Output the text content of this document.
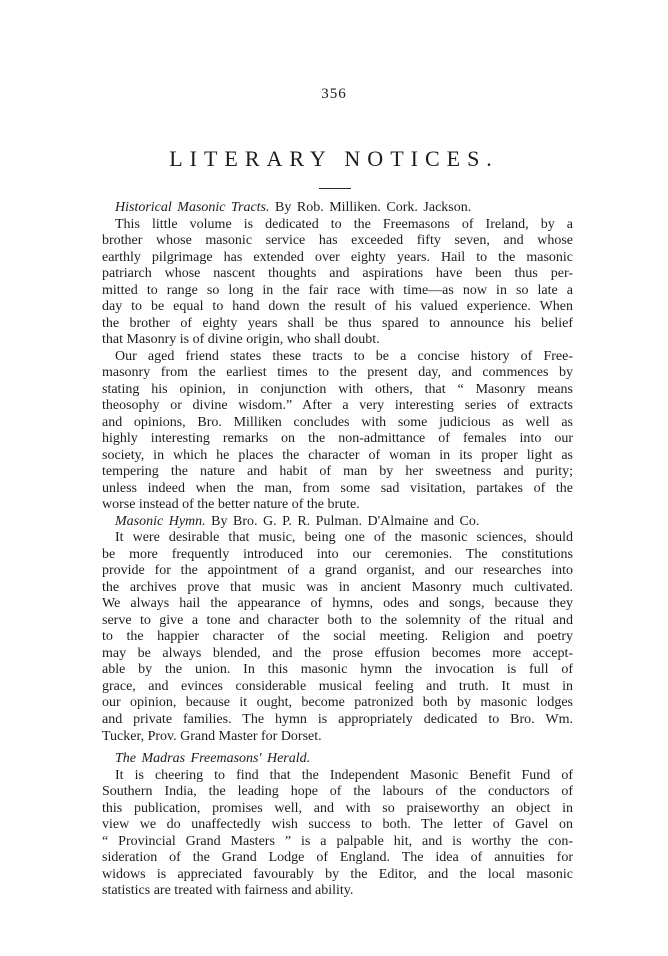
356
LITERARY NOTICES.
Historical Masonic Tracts. By Rob. Milliken. Cork. Jackson.
This little volume is dedicated to the Freemasons of Ireland, by a
brother whose masonic service has exceeded fifty seven, and whose
earthly pilgrimage has extended over eighty years. Hail to the masonic
patriarch whose nascent thoughts and aspirations have been thus per-
mitted to range so long in the fair race with time—as now in so late a
day to be equal to hand down the result of his valued experience. When
the brother of eighty years shall be thus spared to announce his belief
that Masonry is of divine origin, who shall doubt.
Our aged friend states these tracts to be a concise history of Free-
masonry from the earliest times to the present day, and commences by
stating his opinion, in conjunction with others, that “ Masonry means
theosophy or divine wisdom.” After a very interesting series of extracts
and opinions, Bro. Milliken concludes with some judicious as well as
highly interesting remarks on the non-admittance of females into our
society, in which he places the character of woman in its proper light as
tempering the nature and habit of man by her sweetness and purity;
unless indeed when the man, from some sad visitation, partakes of the
worse instead of the better nature of the brute.
Masonic Hymn. By Bro. G. P. R. Pulman. D'Almaine and Co.
It were desirable that music, being one of the masonic sciences, should
be more frequently introduced into our ceremonies. The constitutions
provide for the appointment of a grand organist, and our researches into
the archives prove that music was in ancient Masonry much cultivated.
We always hail the appearance of hymns, odes and songs, because they
serve to give a tone and character both to the solemnity of the ritual and
to the happier character of the social meeting. Religion and poetry
may be always blended, and the prose effusion becomes more accept-
able by the union. In this masonic hymn the invocation is full of
grace, and evinces considerable musical feeling and truth. It must in
our opinion, because it ought, become patronized both by masonic lodges
and private families. The hymn is appropriately dedicated to Bro. Wm.
Tucker, Prov. Grand Master for Dorset.
The Madras Freemasons' Herald.
It is cheering to find that the Independent Masonic Benefit Fund of
Southern India, the leading hope of the labours of the conductors of
this publication, promises well, and with so praiseworthy an object in
view we do unaffectedly wish success to both. The letter of Gavel on
“ Provincial Grand Masters ” is a palpable hit, and is worthy the con-
sideration of the Grand Lodge of England. The idea of annuities for
widows is appreciated favourably by the Editor, and the local masonic
statistics are treated with fairness and ability.
